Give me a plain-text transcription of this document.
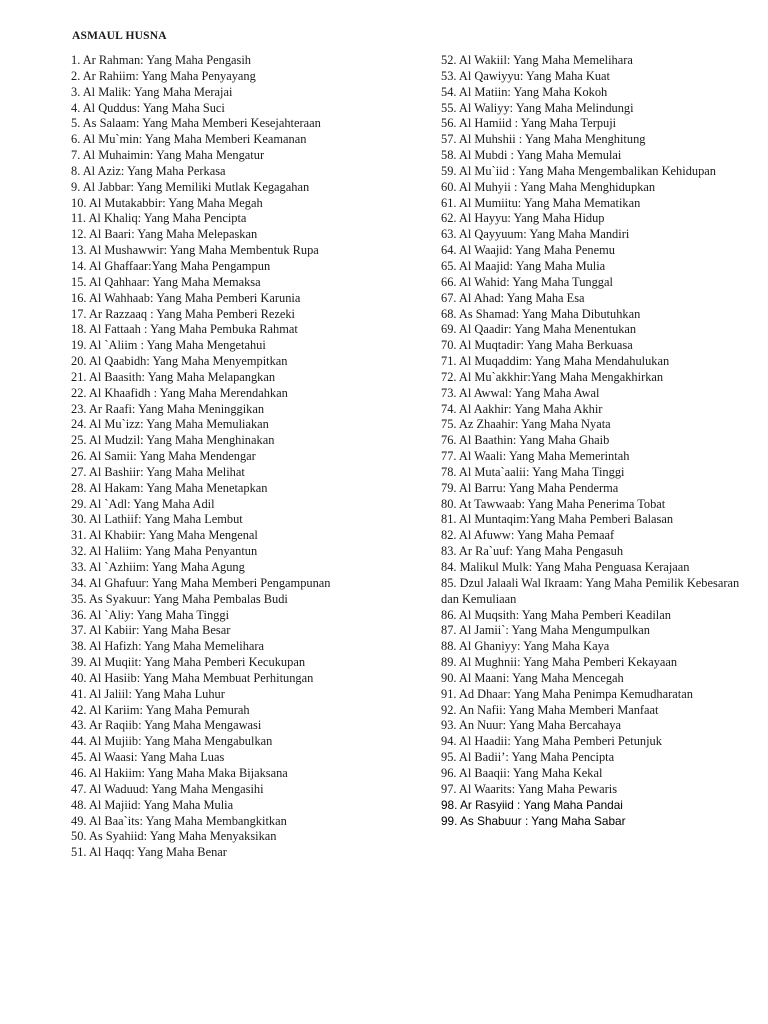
ASMAUL HUSNA
1. Ar Rahman: Yang Maha Pengasih
2. Ar Rahiim: Yang Maha Penyayang
3. Al Malik: Yang Maha Merajai
4. Al Quddus: Yang Maha Suci
5. As Salaam: Yang Maha Memberi Kesejahteraan
6. Al Mu`min: Yang Maha Memberi Keamanan
7. Al Muhaimin: Yang Maha Mengatur
8. Al Aziz: Yang Maha Perkasa
9. Al Jabbar: Yang Memiliki Mutlak Kegagahan
10. Al Mutakabbir: Yang Maha Megah
11. Al Khaliq: Yang Maha Pencipta
12. Al Baari: Yang Maha Melepaskan
13. Al Mushawwir: Yang Maha Membentuk Rupa
14. Al Ghaffaar:Yang Maha Pengampun
15. Al Qahhaar: Yang Maha Memaksa
16. Al Wahhaab: Yang Maha Pemberi Karunia
17. Ar Razzaaq : Yang Maha Pemberi Rezeki
18. Al Fattaah : Yang Maha Pembuka Rahmat
19. Al `Aliim : Yang Maha Mengetahui
20. Al Qaabidh: Yang Maha Menyempitkan
21. Al Baasith: Yang Maha Melapangkan
22. Al Khaafidh : Yang Maha Merendahkan
23. Ar Raafi: Yang Maha Meninggikan
24. Al Mu`izz: Yang Maha Memuliakan
25. Al Mudzil: Yang Maha Menghinakan
26. Al Samii: Yang Maha Mendengar
27. Al Bashiir: Yang Maha Melihat
28. Al Hakam: Yang Maha Menetapkan
29. Al `Adl: Yang Maha Adil
30. Al Lathiif: Yang Maha Lembut
31. Al Khabiir: Yang Maha Mengenal
32. Al Haliim: Yang Maha Penyantun
33. Al `Azhiim: Yang Maha Agung
34. Al Ghafuur: Yang Maha Memberi Pengampunan
35. As Syakuur: Yang Maha Pembalas Budi
36. Al `Aliy: Yang Maha Tinggi
37. Al Kabiir: Yang Maha Besar
38. Al Hafizh: Yang Maha Memelihara
39. Al Muqiit: Yang Maha Pemberi Kecukupan
40. Al Hasiib: Yang Maha Membuat Perhitungan
41. Al Jaliil: Yang Maha Luhur
42. Al Kariim: Yang Maha Pemurah
43. Ar Raqiib: Yang Maha Mengawasi
44. Al Mujiib: Yang Maha Mengabulkan
45. Al Waasi: Yang Maha Luas
46. Al Hakiim: Yang Maha Maka Bijaksana
47. Al Waduud: Yang Maha Mengasihi
48. Al Majiid: Yang Maha Mulia
49. Al Baa`its: Yang Maha Membangkitkan
50. As Syahiid: Yang Maha Menyaksikan
51. Al Haqq: Yang Maha Benar
52. Al Wakiil: Yang Maha Memelihara
53. Al Qawiyyu: Yang Maha Kuat
54. Al Matiin: Yang Maha Kokoh
55. Al Waliyy: Yang Maha Melindungi
56. Al Hamiid : Yang Maha Terpuji
57. Al Muhshii : Yang Maha Menghitung
58. Al Mubdi : Yang Maha Memulai
59. Al Mu`iid : Yang Maha Mengembalikan Kehidupan
60. Al Muhyii : Yang Maha Menghidupkan
61. Al Mumiitu: Yang Maha Mematikan
62. Al Hayyu: Yang Maha Hidup
63. Al Qayyuum: Yang Maha Mandiri
64. Al Waajid: Yang Maha Penemu
65. Al Maajid: Yang Maha Mulia
66. Al Wahid: Yang Maha Tunggal
67. Al Ahad: Yang Maha Esa
68. As Shamad: Yang Maha Dibutuhkan
69. Al Qaadir: Yang Maha Menentukan
70. Al Muqtadir: Yang Maha Berkuasa
71. Al Muqaddim: Yang Maha Mendahulukan
72. Al Mu`akkhir:Yang Maha Mengakhirkan
73. Al Awwal: Yang Maha Awal
74. Al Aakhir: Yang Maha Akhir
75. Az Zhaahir: Yang Maha Nyata
76. Al Baathin: Yang Maha Ghaib
77. Al Waali: Yang Maha Memerintah
78. Al Muta`aalii: Yang Maha Tinggi
79. Al Barru: Yang Maha Penderma
80. At Tawwaab: Yang Maha Penerima Tobat
81. Al Muntaqim:Yang Maha Pemberi Balasan
82. Al Afuww: Yang Maha Pemaaf
83. Ar Ra`uuf: Yang Maha Pengasuh
84. Malikul Mulk: Yang Maha Penguasa Kerajaan
85. Dzul Jalaali Wal Ikraam: Yang Maha Pemilik Kebesaran dan Kemuliaan
86. Al Muqsith: Yang Maha Pemberi Keadilan
87. Al Jamii`: Yang Maha Mengumpulkan
88. Al Ghaniyy: Yang Maha Kaya
89. Al Mughnii: Yang Maha Pemberi Kekayaan
90. Al Maani: Yang Maha Mencegah
91. Ad Dhaar: Yang Maha Penimpa Kemudharatan
92. An Nafii: Yang Maha Memberi Manfaat
93. An Nuur: Yang Maha Bercahaya
94. Al Haadii: Yang Maha Pemberi Petunjuk
95. Al Badii’: Yang Maha Pencipta
96. Al Baaqii: Yang Maha Kekal
97. Al Waarits: Yang Maha Pewaris
98. Ar Rasyiid : Yang Maha Pandai
99. As Shabuur : Yang Maha Sabar
